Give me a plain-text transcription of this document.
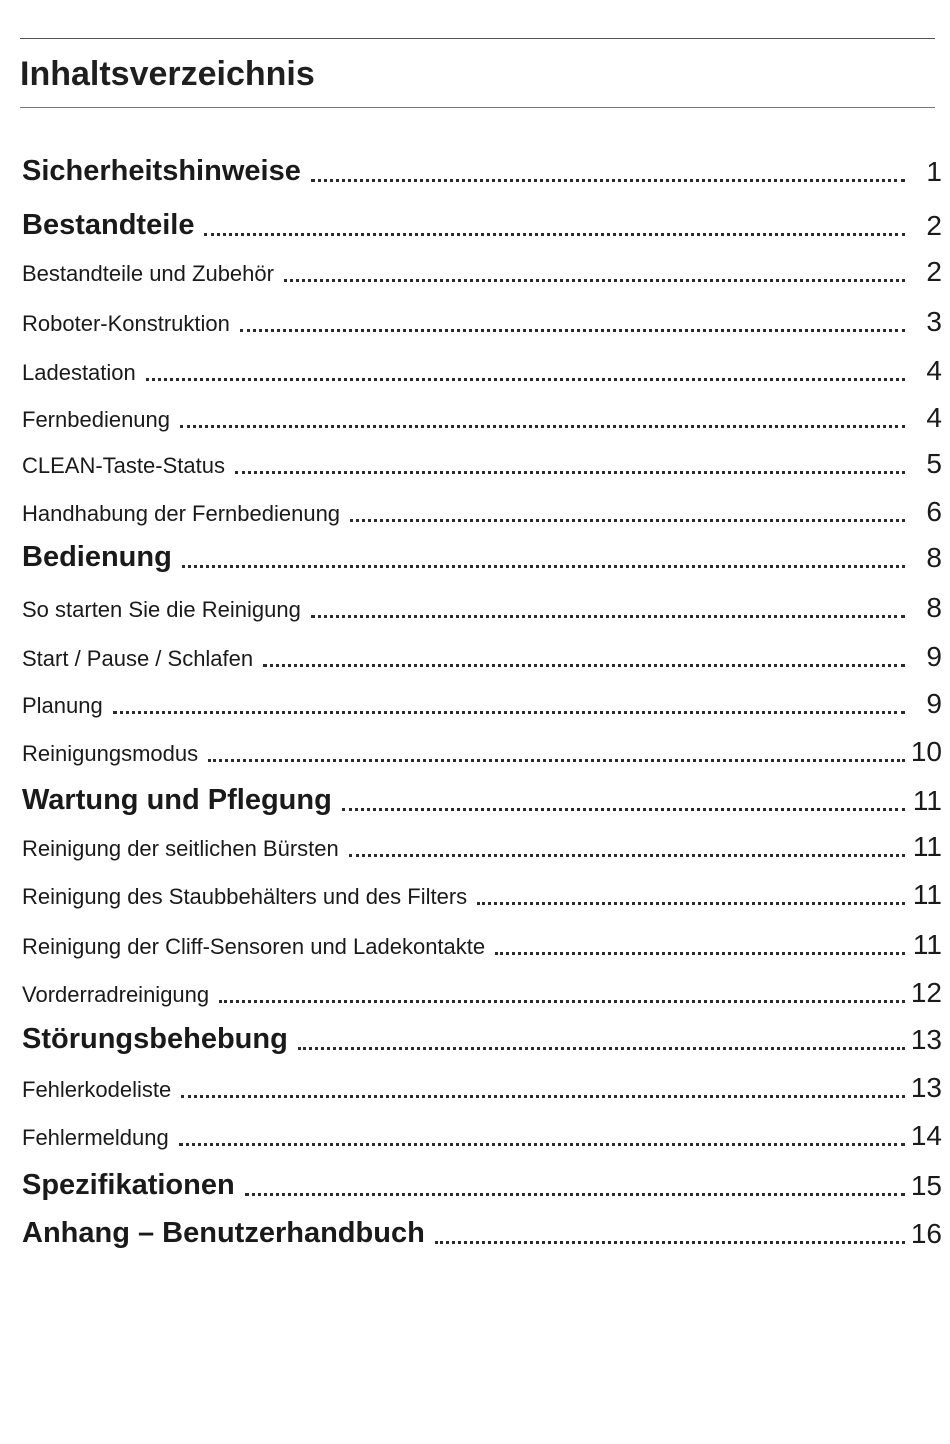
Inhaltsverzeichnis
Sicherheitshinweise	1
Bestandteile	2
Bestandteile und Zubehör	2
Roboter-Konstruktion	3
Ladestation	4
Fernbedienung	4
CLEAN-Taste-Status	5
Handhabung der Fernbedienung	6
Bedienung	8
So starten Sie die Reinigung	8
Start / Pause / Schlafen	9
Planung	9
Reinigungsmodus	10
Wartung und Pflegung	11
Reinigung der seitlichen Bürsten	11
Reinigung des Staubbehälters und des Filters	11
Reinigung der Cliff-Sensoren und Ladekontakte	11
Vorderradreinigung	12
Störungsbehebung	13
Fehlerkodeliste	13
Fehlermeldung	14
Spezifikationen	15
Anhang – Benutzerhandbuch	16
